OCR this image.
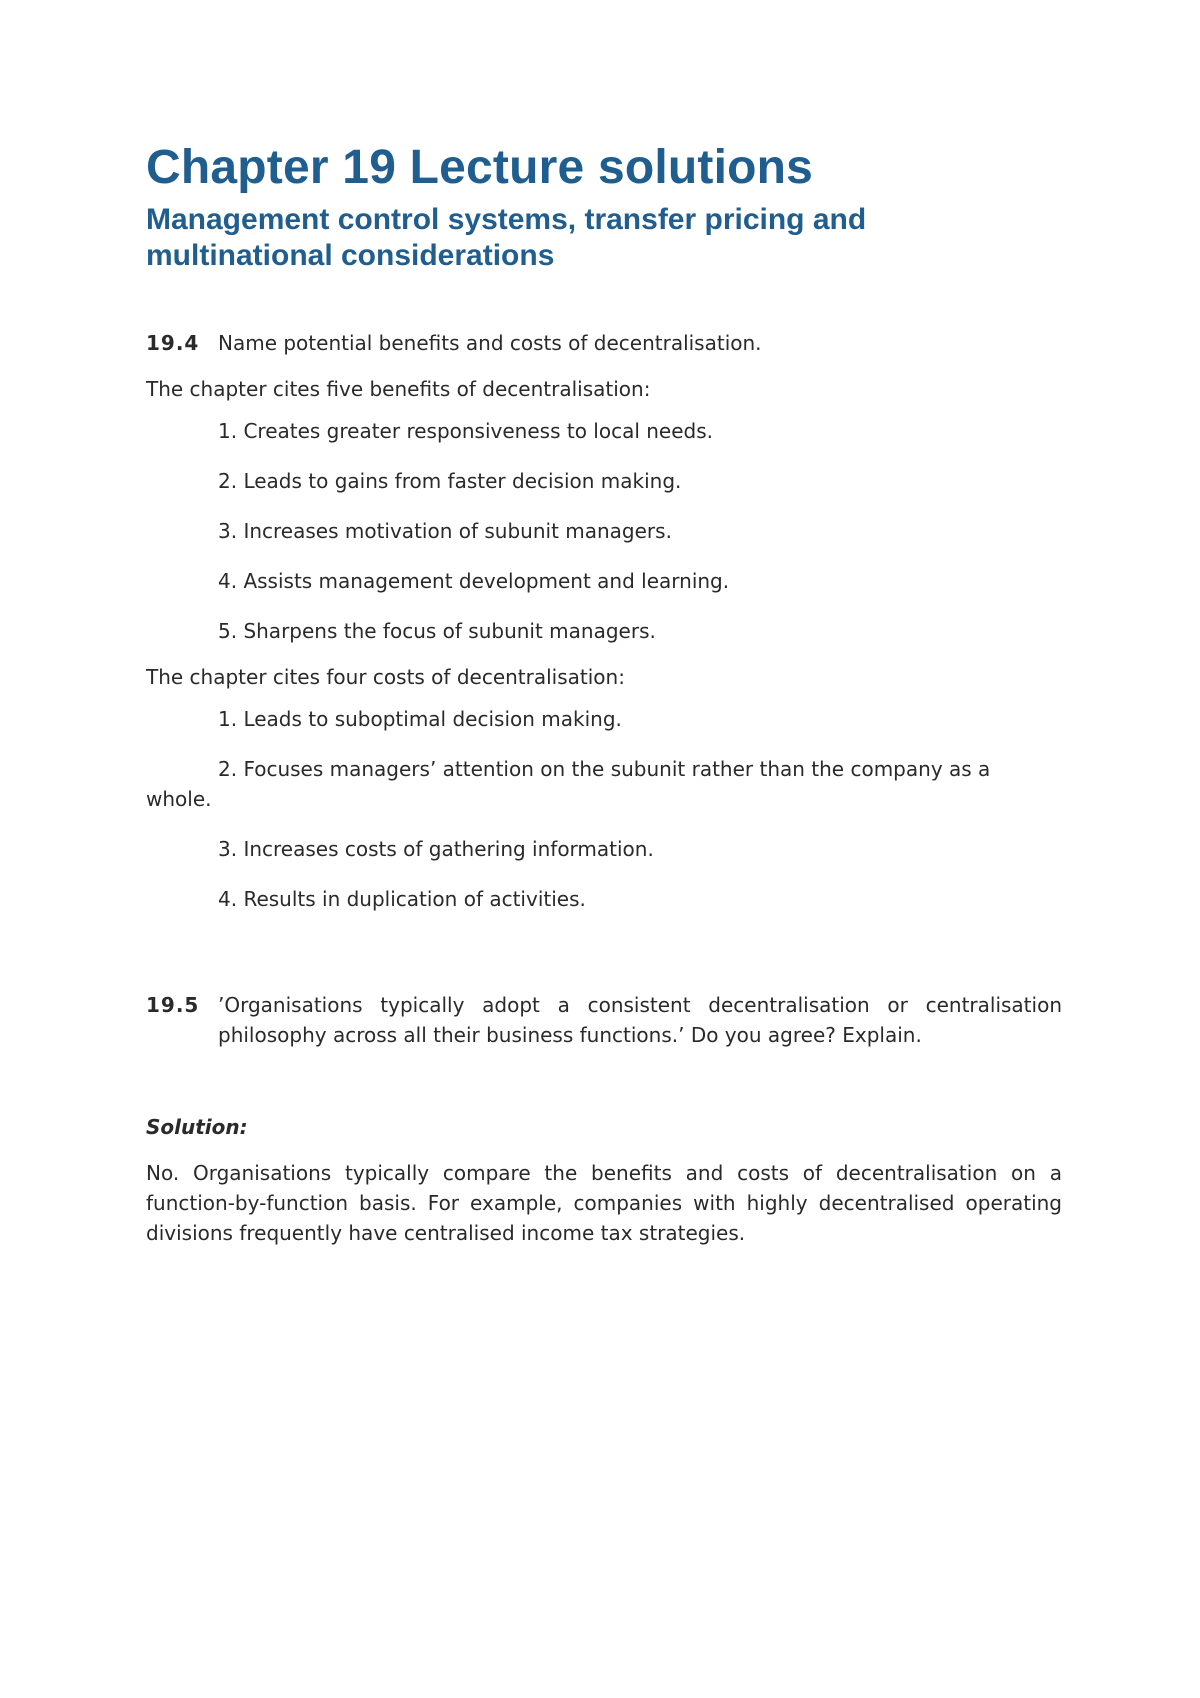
Chapter 19 Lecture solutions
Management control systems, transfer pricing and multinational considerations
19.4 Name potential benefits and costs of decentralisation.

The chapter cites five benefits of decentralisation:

1. Creates greater responsiveness to local needs.

2. Leads to gains from faster decision making.

3. Increases motivation of subunit managers.

4. Assists management development and learning.

5. Sharpens the focus of subunit managers.

The chapter cites four costs of decentralisation:

1. Leads to suboptimal decision making.

2. Focuses managers’ attention on the subunit rather than the company as a whole.

3. Increases costs of gathering information.

4. Results in duplication of activities.

19.5 ’Organisations typically adopt a consistent decentralisation or centralisation philosophy across all their business functions.’ Do you agree? Explain.

Solution:

No. Organisations typically compare the benefits and costs of decentralisation on a function-by-function basis. For example, companies with highly decentralised operating divisions frequently have centralised income tax strategies.
